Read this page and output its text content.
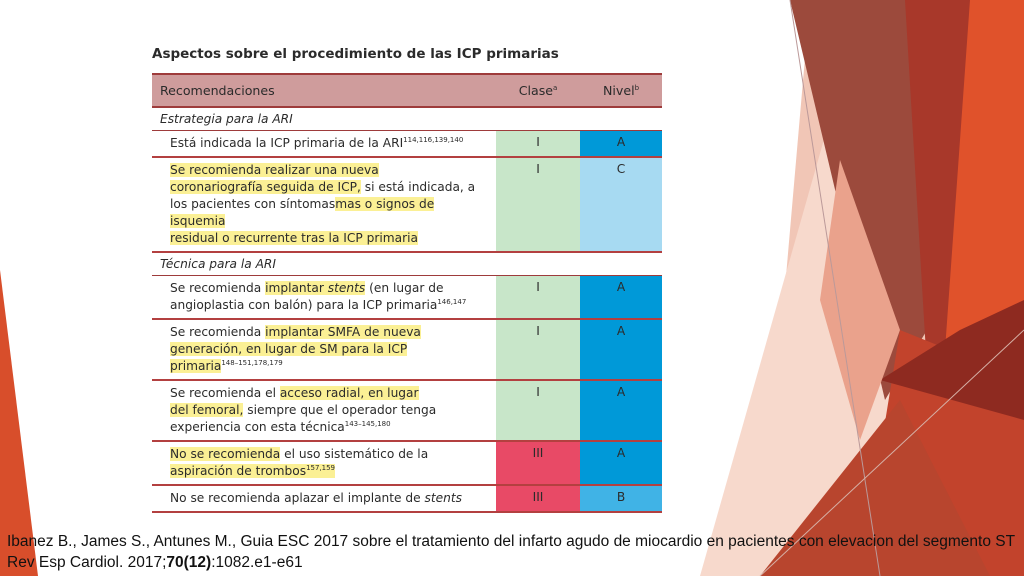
Aspectos sobre el procedimiento de las ICP primarias
Recomendaciones	Clase$^a$	Nivel$^b$
Estrategia para la ARI		
Está indicada la ICP primaria de la ARI$^{114,116,139,140}$	I	A
Se recomienda realizar una nueva
coronariografía seguida de ICP, si está indicada, a
los pacientes con síntomasmas o signos de isquemia
residual o recurrente tras la ICP primaria	I	C
Técnica para la ARI		
Se recomienda implantar stents (en lugar de
angioplastia con balón) para la ICP primaria$^{146,147}$	I	A
Se recomienda implantar SMFA de nueva
generación, en lugar de SM para la ICP
primaria$^{148-151,178,179}$	I	A
Se recomienda el acceso radial, en lugar
del femoral, siempre que el operador tenga
experiencia con esta técnica$^{143-145,180}$	I	A
No se recomienda el uso sistemático de la
aspiración de trombos$^{157,159}$	III	A
No se recomienda aplazar el implante de stents	III	B
Ibanez B., James S., Antunes M., Guia ESC 2017 sobre el tratamiento del infarto agudo de miocardio en pacientes con elevacion del segmento ST Rev Esp Cardiol. 2017;70(12):1082.e1-e61
